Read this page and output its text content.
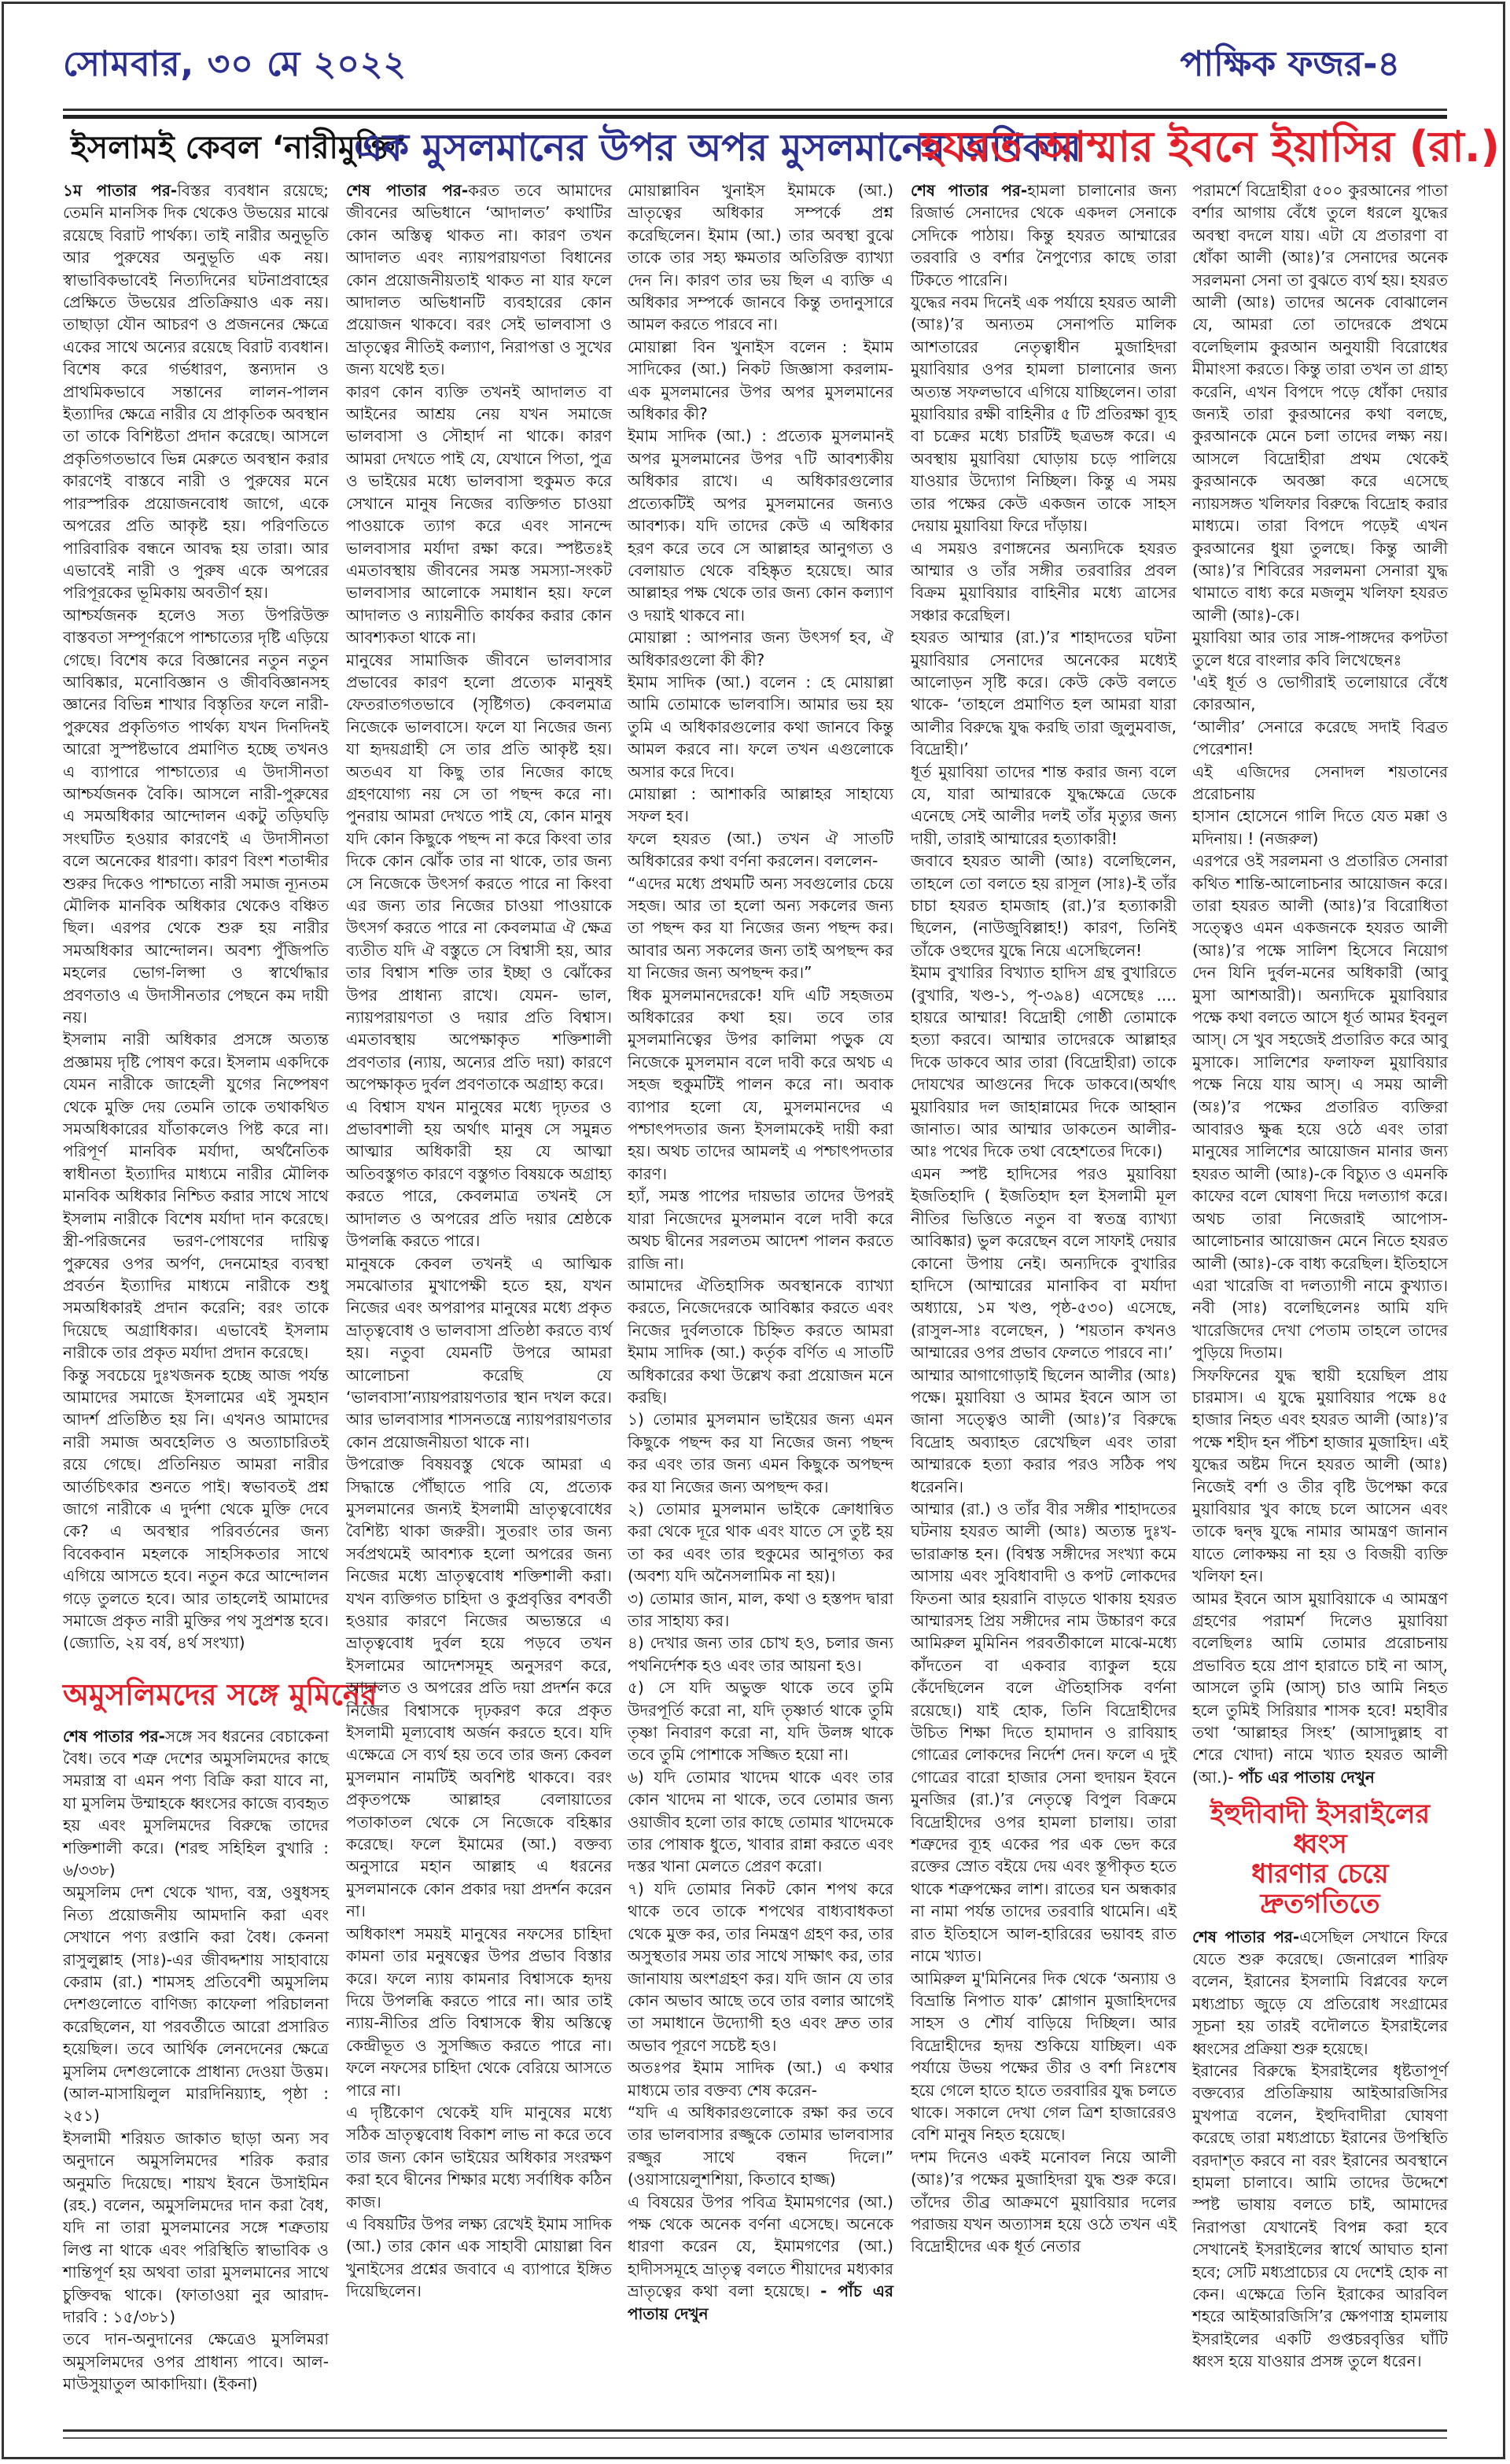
সোমবার, ৩০ মে ২০২২	পাক্ষিক ফজর-৪
ইসলামই কেবল ‘নারীমুক্তি’
এক মুসলমানের উপর অপর মুসলমানের অধিকার
হযরত আম্মার ইবনে ইয়াসির (রা.)

১ম পাতার পর-বিস্তর ব্যবধান রয়েছে; তেমনি মানসিক দিক থেকেও উভয়ের মাঝে রয়েছে বিরাট পার্থক্য। তাই নারীর অনুভূতি আর পুরুষের অনুভূতি এক নয়। স্বাভাবিকভাবেই নিত্যদিনের ঘটনাপ্রবাহের প্রেক্ষিতে উভয়ের প্রতিক্রিয়াও এক নয়। তাছাড়া যৌন আচরণ ও প্রজননের ক্ষেত্রে একের সাথে অন্যের রয়েছে বিরাট ব্যবধান। বিশেষ করে গর্ভধারণ, স্তন্যদান ও প্রাথমিকভাবে সন্তানের লালন-পালন ইত্যাদির ক্ষেত্রে নারীর যে প্রাকৃতিক অবস্থান তা তাকে বিশিষ্টতা প্রদান করেছে। আসলে প্রকৃতিগতভাবে ভিন্ন মেরুতে অবস্থান করার কারণেই বাস্তবে নারী ও পুরুষের মনে পারস্পরিক প্রয়োজনবোধ জাগে, একে অপরের প্রতি আকৃষ্ট হয়। পরিণতিতে পারিবারিক বন্ধনে আবদ্ধ হয় তারা। আর এভাবেই নারী ও পুরুষ একে অপরের পরিপূরকের ভূমিকায় অবতীর্ণ হয়।

আশ্চর্যজনক হলেও সত্য উপরিউক্ত বাস্তবতা সম্পূর্ণরূপে পাশ্চাত্যের দৃষ্টি এড়িয়ে গেছে। বিশেষ করে বিজ্ঞানের নতুন নতুন আবিষ্কার, মনোবিজ্ঞান ও জীববিজ্ঞানসহ জ্ঞানের বিভিন্ন শাখার বিস্তৃতির ফলে নারী-পুরুষের প্রকৃতিগত পার্থক্য যখন দিনদিনই আরো সুস্পষ্টভাবে প্রমাণিত হচ্ছে তখনও এ ব্যাপারে পাশ্চাত্যের এ উদাসীনতা আশ্চর্যজনক বৈকি। আসলে নারী-পুরুষের এ সমঅধিকার আন্দোলন একটু তড়িঘড়ি সংঘটিত হওয়ার কারণেই এ উদাসীনতা বলে অনেকের ধারণা। কারণ বিংশ শতাব্দীর শুরুর দিকেও পাশ্চাত্যে নারী সমাজ ন্যূনতম মৌলিক মানবিক অধিকার থেকেও বঞ্চিত ছিল। এরপর থেকে শুরু হয় নারীর সমঅধিকার আন্দোলন। অবশ্য পুঁজিপতি মহলের ভোগ-লিপ্সা ও স্বার্থোদ্ধার প্রবণতাও এ উদাসীনতার পেছনে কম দায়ী নয়।

ইসলাম নারী অধিকার প্রসঙ্গে অত্যন্ত প্রজ্ঞাময় দৃষ্টি পোষণ করে। ইসলাম একদিকে যেমন নারীকে জাহেলী যুগের নিষ্পেষণ থেকে মুক্তি দেয় তেমনি তাকে তথাকথিত সমঅধিকারের যাঁতাকলেও পিষ্ট করে না। পরিপূর্ণ মানবিক মর্যাদা, অর্থনৈতিক স্বাধীনতা ইত্যাদির মাধ্যমে নারীর মৌলিক মানবিক অধিকার নিশ্চিত করার সাথে সাথে ইসলাম নারীকে বিশেষ মর্যাদা দান করেছে। স্ত্রী-পরিজনের ভরণ-পোষণের দায়িত্ব পুরুষের ওপর অর্পণ, দেনমোহর ব্যবস্থা প্রবর্তন ইত্যাদির মাধ্যমে নারীকে শুধু সমঅধিকারই প্রদান করেনি; বরং তাকে দিয়েছে অগ্রাধিকার। এভাবেই ইসলাম নারীকে তার প্রকৃত মর্যাদা প্রদান করেছে।

কিন্তু সবচেয়ে দুঃখজনক হচ্ছে আজ পর্যন্ত আমাদের সমাজে ইসলামের এই সুমহান আদর্শ প্রতিষ্ঠিত হয় নি। এখনও আমাদের নারী সমাজ অবহেলিত ও অত্যাচারিতই রয়ে গেছে। প্রতিনিয়ত আমরা নারীর আর্তচিৎকার শুনতে পাই। স্বভাবতই প্রশ্ন জাগে নারীকে এ দুর্দশা থেকে মুক্তি দেবে কে? এ অবস্থার পরিবর্তনের জন্য বিবেকবান মহলকে সাহসিকতার সাথে এগিয়ে আসতে হবে। নতুন করে আন্দোলন গড়ে তুলতে হবে। আর তাহলেই আমাদের সমাজে প্রকৃত নারী মুক্তির পথ সুপ্রশস্ত হবে। (জ্যোতি, ২য় বর্ষ, ৪র্থ সংখ্যা)

অমুসলিমদের সঙ্গে মুমিনের

শেষ পাতার পর-সঙ্গে সব ধরনের বেচাকেনা বৈধ। তবে শত্রু দেশের অমুসলিমদের কাছে সমরাস্ত্র বা এমন পণ্য বিক্রি করা যাবে না, যা মুসলিম উম্মাহকে ধ্বংসের কাজে ব্যবহৃত হয় এবং মুসলিমদের বিরুদ্ধে তাদের শক্তিশালী করে। (শরহু সহিহিল বুখারি : ৬/৩৩৮)

অমুসলিম দেশ থেকে খাদ্য, বস্ত্র, ওষুধসহ নিত্য প্রয়োজনীয় আমদানি করা এবং সেখানে পণ্য রপ্তানি করা বৈধ। কেননা রাসুলুল্লাহ (সাঃ)-এর জীবদ্দশায় সাহাবায়ে কেরাম (রা.) শামসহ প্রতিবেশী অমুসলিম দেশগুলোতে বাণিজ্য কাফেলা পরিচালনা করেছিলেন, যা পরবর্তীতে আরো প্রসারিত হয়েছিল। তবে আর্থিক লেনদেনের ক্ষেত্রে মুসলিম দেশগুলোকে প্রাধান্য দেওয়া উত্তম। (আল-মাসায়িলুল মারদিনিয়্যাহ, পৃষ্ঠা : ২৫১)

ইসলামী শরিয়ত জাকাত ছাড়া অন্য সব অনুদানে অমুসলিমদের শরিক করার অনুমতি দিয়েছে। শায়খ ইবনে উসাইমিন (রহ.) বলেন, অমুসলিমদের দান করা বৈধ, যদি না তারা মুসলমানের সঙ্গে শত্রুতায় লিপ্ত না থাকে এবং পরিস্থিতি স্বাভাবিক ও শান্তিপূর্ণ হয় অথবা তারা মুসলমানের সাথে চুক্তিবদ্ধ থাকে। (ফাতাওয়া নুর আরাদ-দারবি : ১৫/৩৮১)

তবে দান-অনুদানের ক্ষেত্রেও মুসলিমরা অমুসলিমদের ওপর প্রাধান্য পাবে। আল-মাউসুয়াতুল আকাদিয়া। (ইকনা)

শেষ পাতার পর-করত তবে আমাদের জীবনের অভিধানে ‘আদালত’ কথাটির কোন অস্তিত্ব থাকত না। কারণ তখন আদালত এবং ন্যায়পরায়ণতা বিধানের কোন প্রয়োজনীয়তাই থাকত না যার ফলে আদালত অভিধানটি ব্যবহারের কোন প্রয়োজন থাকবে। বরং সেই ভালবাসা ও ভ্রাতৃত্বের নীতিই কল্যাণ, নিরাপত্তা ও সুখের জন্য যথেষ্ট হত।

কারণ কোন ব্যক্তি তখনই আদালত বা আইনের আশ্রয় নেয় যখন সমাজে ভালবাসা ও সৌহার্দ না থাকে। কারণ আমরা দেখতে পাই যে, যেখানে পিতা, পুত্র ও ভাইয়ের মধ্যে ভালবাসা হুকুমত করে সেখানে মানুষ নিজের ব্যক্তিগত চাওয়া পাওয়াকে ত্যাগ করে এবং সানন্দে ভালবাসার মর্যাদা রক্ষা করে। স্পষ্টতঃই এমতাবস্থায় জীবনের সমস্ত সমস্যা-সংকট ভালবাসার আলোকে সমাধান হয়। ফলে আদালত ও ন্যায়নীতি কার্যকর করার কোন আবশ্যকতা থাকে না।

মানুষের সামাজিক জীবনে ভালবাসার প্রভাবের কারণ হলো প্রত্যেক মানুষই ফেতরাতগতভাবে (সৃষ্টিগত) কেবলমাত্র নিজেকে ভালবাসে। ফলে যা নিজের জন্য যা হৃদয়গ্রাহী সে তার প্রতি আকৃষ্ট হয়। অতএব যা কিছু তার নিজের কাছে গ্রহণযোগ্য নয় সে তা পছন্দ করে না। পুনরায় আমরা দেখতে পাই যে, কোন মানুষ যদি কোন কিছুকে পছন্দ না করে কিংবা তার দিকে কোন ঝোঁক তার না থাকে, তার জন্য সে নিজেকে উৎসর্গ করতে পারে না কিংবা এর জন্য তার নিজের চাওয়া পাওয়াকে উৎসর্গ করতে পারে না কেবলমাত্র ঐ ক্ষেত্র ব্যতীত যদি ঐ বস্তুতে সে বিশ্বাসী হয়, আর তার বিশ্বাস শক্তি তার ইচ্ছা ও ঝোঁকের উপর প্রাধান্য রাখে। যেমন- ভাল, ন্যায়পরায়ণতা ও দয়ার প্রতি বিশ্বাস। এমতাবস্থায় অপেক্ষাকৃত শক্তিশালী প্রবণতার (ন্যায়, অন্যের প্রতি দয়া) কারণে অপেক্ষাকৃত দুর্বল প্রবণতাকে অগ্রাহ্য করে।

এ বিশ্বাস যখন মানুষের মধ্যে দৃঢ়তর ও প্রভাবশালী হয় অর্থাৎ মানুষ সে সমুন্নত আত্মার অধিকারী হয় যে আত্মা অতিবস্তুগত কারণে বস্তুগত বিষয়কে অগ্রাহ্য করতে পারে, কেবলমাত্র তখনই সে আদালত ও অপরের প্রতি দয়ার শ্রেষ্ঠকে উপলব্ধি করতে পারে।

মানুষকে কেবল তখনই এ আত্মিক সমঝোতার মুখাপেক্ষী হতে হয়, যখন নিজের এবং অপরাপর মানুষের মধ্যে প্রকৃত ভ্রাতৃত্ববোধ ও ভালবাসা প্রতিষ্ঠা করতে ব্যর্থ হয়। নতুবা যেমনটি উপরে আমরা আলোচনা করেছি যে ‘ভালবাসা’ন্যায়পরায়ণতার স্থান দখল করে। আর ভালবাসার শাসনতন্ত্রে ন্যায়পরায়ণতার কোন প্রয়োজনীয়তা থাকে না।

উপরোক্ত বিষয়বস্তু থেকে আমরা এ সিদ্ধান্তে পৌঁছাতে পারি যে, প্রত্যেক মুসলমানের জন্যই ইসলামী ভ্রাতৃত্ববোধের বৈশিষ্ট্য থাকা জরুরী। সুতরাং তার জন্য সর্বপ্রথমেই আবশ্যক হলো অপরের জন্য নিজের মধ্যে ভ্রাতৃত্ববোধ শক্তিশালী করা। যখন ব্যক্তিগত চাহিদা ও কুপ্রবৃত্তির বশবর্তী হওয়ার কারণে নিজের অভ্যন্তরে এ ভ্রাতৃত্ববোধ দুর্বল হয়ে পড়বে তখন ইসলামের আদেশসমূহ অনুসরণ করে, আদালত ও অপরের প্রতি দয়া প্রদর্শন করে নিজের বিশ্বাসকে দৃঢ়করণ করে প্রকৃত ইসলামী মূল্যবোধ অর্জন করতে হবে। যদি এক্ষেত্রে সে ব্যর্থ হয় তবে তার জন্য কেবল মুসলমান নামটিই অবশিষ্ট থাকবে। বরং প্রকৃতপক্ষে আল্লাহর বেলায়াতের পতাকাতল থেকে সে নিজেকে বহিষ্কার করেছে। ফলে ইমামের (আ.) বক্তব্য অনুসারে মহান আল্লাহ এ ধরনের মুসলমানকে কোন প্রকার দয়া প্রদর্শন করেন না।

অধিকাংশ সময়ই মানুষের নফসের চাহিদা কামনা তার মনুষত্বের উপর প্রভাব বিস্তার করে। ফলে ন্যায় কামনার বিশ্বাসকে হৃদয় দিয়ে উপলব্ধি করতে পারে না। আর তাই ন্যায়-নীতির প্রতি বিশ্বাসকে স্বীয় অস্তিত্বে কেন্দ্রীভূত ও সুসজ্জিত করতে পারে না। ফলে নফসের চাহিদা থেকে বেরিয়ে আসতে পারে না।

এ দৃষ্টিকোণ থেকেই যদি মানুষের মধ্যে সঠিক ভ্রাতৃত্ববোধ বিকাশ লাভ না করে তবে তার জন্য কোন ভাইয়ের অধিকার সংরক্ষণ করা হবে দ্বীনের শিক্ষার মধ্যে সর্বাধিক কঠিন কাজ।

এ বিষয়টির উপর লক্ষ্য রেখেই ইমাম সাদিক (আ.) তার কোন এক সাহাবী মোয়াল্লা বিন খুনাইসের প্রশ্নের জবাবে এ ব্যাপারে ইঙ্গিত দিয়েছিলেন।

মোয়াল্লাবিন খুনাইস ইমামকে (আ.) ভ্রাতৃত্বের অধিকার সম্পর্কে প্রশ্ন করেছিলেন। ইমাম (আ.) তার অবস্থা বুঝে তাকে তার সহ্য ক্ষমতার অতিরিক্ত ব্যাখ্যা দেন নি। কারণ তার ভয় ছিল এ ব্যক্তি এ অধিকার সম্পর্কে জানবে কিন্তু তদানুসারে আমল করতে পারবে না।

মোয়াল্লা বিন খুনাইস বলেন : ইমাম সাদিকের (আ.) নিকট জিজ্ঞাসা করলাম- এক মুসলমানের উপর অপর মুসলমানের অধিকার কী?

ইমাম সাদিক (আ.) : প্রত্যেক মুসলমানই অপর মুসলমানের উপর ৭টি আবশ্যকীয় অধিকার রাখে। এ অধিকারগুলোর প্রত্যেকটিই অপর মুসলমানের জন্যও আবশ্যক। যদি তাদের কেউ এ অধিকার হরণ করে তবে সে আল্লাহর আনুগত্য ও বেলায়াত থেকে বহিষ্কৃত হয়েছে। আর আল্লাহর পক্ষ থেকে তার জন্য কোন কল্যাণ ও দয়াই থাকবে না।

মোয়াল্লা : আপনার জন্য উৎসর্গ হব, ঐ অধিকারগুলো কী কী?

ইমাম সাদিক (আ.) বলেন : হে মোয়াল্লা আমি তোমাকে ভালবাসি। আমার ভয় হয় তুমি এ অধিকারগুলোর কথা জানবে কিন্তু আমল করবে না। ফলে তখন এগুলোকে অসার করে দিবে।

মোয়াল্লা : আশাকরি আল্লাহর সাহায্যে সফল হব।

ফলে হযরত (আ.) তখন ঐ সাতটি অধিকারের কথা বর্ণনা করলেন। বললেন-

“এদের মধ্যে প্রথমটি অন্য সবগুলোর চেয়ে সহজ। আর তা হলো অন্য সকলের জন্য তা পছন্দ কর যা নিজের জন্য পছন্দ কর। আবার অন্য সকলের জন্য তাই অপছন্দ কর যা নিজের জন্য অপছন্দ কর।”

ধিক মুসলমানদেরকে! যদি এটি সহজতম অধিকারের কথা হয়। তবে তার মুসলমানিত্বের উপর কালিমা পড়ুক যে নিজেকে মুসলমান বলে দাবী করে অথচ এ সহজ হুকুমটিই পালন করে না। অবাক ব্যাপার হলো যে, মুসলমানদের এ পশ্চাৎপদতার জন্য ইসলামকেই দায়ী করা হয়। অথচ তাদের আমলই এ পশ্চাৎপদতার কারণ।

হ্যাঁ, সমস্ত পাপের দায়ভার তাদের উপরই যারা নিজেদের মুসলমান বলে দাবী করে অথচ দ্বীনের সরলতম আদেশ পালন করতে রাজি না।

আমাদের ঐতিহাসিক অবস্থানকে ব্যাখ্যা করতে, নিজেদেরকে আবিষ্কার করতে এবং নিজের দুর্বলতাকে চিহ্নিত করতে আমরা ইমাম সাদিক (আ.) কর্তৃক বর্ণিত এ সাতটি অধিকারের কথা উল্লেখ করা প্রয়োজন মনে করছি।

১) তোমার মুসলমান ভাইয়ের জন্য এমন কিছুকে পছন্দ কর যা নিজের জন্য পছন্দ কর এবং তার জন্য এমন কিছুকে অপছন্দ কর যা নিজের জন্য অপছন্দ কর।

২) তোমার মুসলমান ভাইকে ক্রোধান্বিত করা থেকে দূরে থাক এবং যাতে সে তুষ্ট হয় তা কর এবং তার হুকুমের আনুগত্য কর (অবশ্য যদি অনৈসলামিক না হয়)।

৩) তোমার জান, মাল, কথা ও হস্তপদ দ্বারা তার সাহায্য কর।

৪) দেখার জন্য তার চোখ হও, চলার জন্য পথনির্দেশক হও এবং তার আয়না হও।

৫) সে যদি অভুক্ত থাকে তবে তুমি উদরপূর্তি করো না, যদি তৃষ্ণার্ত থাকে তুমি তৃষ্ণা নিবারণ করো না, যদি উলঙ্গ থাকে তবে তুমি পোশাকে সজ্জিত হয়ো না।

৬) যদি তোমার খাদেম থাকে এবং তার কোন খাদেম না থাকে, তবে তোমার জন্য ওয়াজীব হলো তার কাছে তোমার খাদেমকে তার পোষাক ধুতে, খাবার রান্না করতে এবং দস্তর খানা মেলতে প্রেরণ করো।

৭) যদি তোমার নিকট কোন শপথ করে থাকে তবে তাকে শপথের বাধ্যবাধকতা থেকে মুক্ত কর, তার নিমন্ত্রণ গ্রহণ কর, তার অসুস্থতার সময় তার সাথে সাক্ষাৎ কর, তার জানাযায় অংশগ্রহণ কর। যদি জান যে তার কোন অভাব আছে তবে তার বলার আগেই তা সমাধানে উদ্যোগী হও এবং দ্রুত তার অভাব পূরণে সচেষ্ট হও।

অতঃপর ইমাম সাদিক (আ.) এ কথার মাধ্যমে তার বক্তব্য শেষ করেন-

“যদি এ অধিকারগুলোকে রক্ষা কর তবে তার ভালবাসার রজ্জুকে তোমার ভালবাসার রজ্জুর সাথে বন্ধন দিলে।” (ওয়াসায়েলুশশিয়া, কিতাবে হাজ্জ)

এ বিষয়ের উপর পবিত্র ইমামগণের (আ.) পক্ষ থেকে অনেক বর্ণনা এসেছে। অনেকে ধারণা করেন যে, ইমামগণের (আ.) হাদীসসমূহে ভ্রাতৃত্ব বলতে শীয়াদের মধ্যকার ভ্রাতৃত্বের কথা বলা হয়েছে। - পাঁচ এর পাতায় দেখুন

শেষ পাতার পর-হামলা চালানোর জন্য রিজার্ভ সেনাদের থেকে একদল সেনাকে সেদিকে পাঠায়। কিন্তু হযরত আম্মারের তরবারি ও বর্শার নৈপুণ্যের কাছে তারা টিকতে পারেনি।

যুদ্ধের নবম দিনেই এক পর্যায়ে হযরত আলী (আঃ)’র অন্যতম সেনাপতি মালিক আশতারের নেতৃত্বাধীন মুজাহিদরা মুয়াবিয়ার ওপর হামলা চালানোর জন্য অত্যন্ত সফলভাবে এগিয়ে যাচ্ছিলেন। তারা মুয়াবিয়ার রক্ষী বাহিনীর ৫ টি প্রতিরক্ষা ব্যূহ বা চক্রের মধ্যে চারটিই ছত্রভঙ্গ করে। এ অবস্থায় মুয়াবিয়া ঘোড়ায় চড়ে পালিয়ে যাওয়ার উদ্যোগ নিচ্ছিল। কিন্তু এ সময় তার পক্ষের কেউ একজন তাকে সাহস দেয়ায় মুয়াবিয়া ফিরে দাঁড়ায়।

এ সময়ও রণাঙ্গনের অন্যদিকে হযরত আম্মার ও তাঁর সঙ্গীর তরবারির প্রবল বিক্রম মুয়াবিয়ার বাহিনীর মধ্যে ত্রাসের সঞ্চার করেছিল।

হযরত আম্মার (রা.)’র শাহাদতের ঘটনা মুয়াবিয়ার সেনাদের অনেকের মধ্যেই আলোড়ন সৃষ্টি করে। কেউ কেউ বলতে থাকে- ‘তাহলে প্রমাণিত হল আমরা যারা আলীর বিরুদ্ধে যুদ্ধ করছি তারা জুলুমবাজ, বিদ্রোহী।’

ধূর্ত মুয়াবিয়া তাদের শান্ত করার জন্য বলে যে, যারা আম্মারকে যুদ্ধক্ষেত্রে ডেকে এনেছে সেই আলীর দলই তাঁর মৃত্যুর জন্য দায়ী, তারাই আম্মারের হত্যাকারী!

জবাবে হযরত আলী (আঃ) বলেছিলেন, তাহলে তো বলতে হয় রাসূল (সাঃ)-ই তাঁর চাচা হযরত হামজাহ (রা.)’র হত্যাকারী ছিলেন, (নাউজুবিল্লাহ!) কারণ, তিনিই তাঁকে ওহুদের যুদ্ধে নিয়ে এসেছিলেন!

ইমাম বুখারির বিখ্যাত হাদিস গ্রন্থ বুখারিতে (বুখারি, খণ্ড-১, পৃ-৩৯৪) এসেছেঃ .... হায়রে আম্মার! বিদ্রোহী গোষ্ঠী তোমাকে হত্যা করবে। আম্মার তাদেরকে আল্লাহর দিকে ডাকবে আর তারা (বিদ্রোহীরা) তাকে দোযখের আগুনের দিকে ডাকবে।(অর্থাৎ মুয়াবিয়ার দল জাহান্নামের দিকে আহ্বান জানাত। আর আম্মার ডাকতেন আলীর-আঃ পথের দিকে তথা বেহেশতের দিকে।)

এমন স্পষ্ট হাদিসের পরও মুয়াবিয়া ইজতিহাদি ( ইজতিহাদ হল ইসলামী মূল নীতির ভিত্তিতে নতুন বা স্বতন্ত্র ব্যাখ্যা আবিষ্কার) ভুল করেছেন বলে সাফাই দেয়ার কোনো উপায় নেই। অন্যদিকে বুখারির হাদিসে (আম্মারের মানাকিব বা মর্যাদা অধ্যায়ে, ১ম খণ্ড, পৃষ্ঠ-৫৩০) এসেছে, (রাসুল-সাঃ বলেছেন, ) ‘শয়তান কখনও আম্মারের ওপর প্রভাব ফেলতে পারবে না।’

আম্মার আগাগোড়াই ছিলেন আলীর (আঃ) পক্ষে। মুয়াবিয়া ও আমর ইবনে আস তা জানা সত্ত্বেও আলী (আঃ)’র বিরুদ্ধে বিদ্রোহ অব্যাহত রেখেছিল এবং তারা আম্মারকে হত্যা করার পরও সঠিক পথ ধরেননি।

আম্মার (রা.) ও তাঁর বীর সঙ্গীর শাহাদতের ঘটনায় হযরত আলী (আঃ) অত্যন্ত দুঃখ-ভারাক্রান্ত হন। (বিশ্বস্ত সঙ্গীদের সংখ্যা কমে আসায় এবং সুবিধাবাদী ও কপট লোকদের ফিতনা আর হয়রানি বাড়তে থাকায় হযরত আম্মারসহ প্রিয় সঙ্গীদের নাম উচ্চারণ করে আমিরুল মুমিনিন পরবর্তীকালে মাঝে-মধ্যে কাঁদতেন বা একবার ব্যাকুল হয়ে কেঁদেছিলেন বলে ঐতিহাসিক বর্ণনা রয়েছে।) যাই হোক, তিনি বিদ্রোহীদের উচিত শিক্ষা দিতে হামাদান ও রাবিয়াহ গোত্রের লোকদের নির্দেশ দেন। ফলে এ দুই গোত্রের বারো হাজার সেনা হুদায়ন ইবনে মুনজির (রা.)’র নেতৃত্বে বিপুল বিক্রমে বিদ্রোহীদের ওপর হামলা চালায়। তারা শত্রুদের ব্যূহ একের পর এক ভেদ করে রক্তের স্রোত বইয়ে দেয় এবং স্তূপীকৃত হতে থাকে শত্রুপক্ষের লাশ। রাতের ঘন অন্ধকার না নামা পর্যন্ত তাদের তরবারি থামেনি। এই রাত ইতিহাসে আল-হারিরের ভয়াবহ রাত নামে খ্যাত।

আমিরুল মু'মিনিনের দিক থেকে ‘অন্যায় ও বিভ্রান্তি নিপাত যাক’ শ্লোগান মুজাহিদদের সাহস ও শৌর্য বাড়িয়ে দিচ্ছিল। আর বিদ্রোহীদের হৃদয় শুকিয়ে যাচ্ছিল। এক পর্যায়ে উভয় পক্ষের তীর ও বর্শা নিঃশেষ হয়ে গেলে হাতে হাতে তরবারির যুদ্ধ চলতে থাকে। সকালে দেখা গেল ত্রিশ হাজারেরও বেশি মানুষ নিহত হয়েছে।

দশম দিনেও একই মনোবল নিয়ে আলী (আঃ)’র পক্ষের মুজাহিদরা যুদ্ধ শুরু করে। তাঁদের তীব্র আক্রমণে মুয়াবিয়ার দলের পরাজয় যখন অত্যাসন্ন হয়ে ওঠে তখন এই বিদ্রোহীদের এক ধূর্ত নেতার

পরামর্শে বিদ্রোহীরা ৫০০ কুরআনের পাতা বর্শার আগায় বেঁধে তুলে ধরলে যুদ্ধের অবস্থা বদলে যায়। এটা যে প্রতারণা বা ধোঁকা আলী (আঃ)’র সেনাদের অনেক সরলমনা সেনা তা বুঝতে ব্যর্থ হয়। হযরত আলী (আঃ) তাদের অনেক বোঝালেন যে, আমরা তো তাদেরকে প্রথমে বলেছিলাম কুরআন অনুযায়ী বিরোধের মীমাংসা করতে। কিন্তু তারা তখন তা গ্রাহ্য করেনি, এখন বিপদে পড়ে ধোঁকা দেয়ার জন্যই তারা কুরআনের কথা বলছে, কুরআনকে মেনে চলা তাদের লক্ষ্য নয়। আসলে বিদ্রোহীরা প্রথম থেকেই কুরআনকে অবজ্ঞা করে এসেছে ন্যায়সঙ্গত খলিফার বিরুদ্ধে বিদ্রোহ করার মাধ্যমে। তারা বিপদে পড়েই এখন কুরআনের ধুয়া তুলছে। কিন্তু আলী (আঃ)’র শিবিরের সরলমনা সেনারা যুদ্ধ থামাতে বাধ্য করে মজলুম খলিফা হযরত আলী (আঃ)-কে।

মুয়াবিয়া আর তার সাঙ্গ-পাঙ্গদের কপটতা তুলে ধরে বাংলার কবি লিখেছেনঃ

'এই ধূর্ত ও ভোগীরাই তলোয়ারে বেঁধে কোরআন,

‘আলীর’ সেনারে করেছে সদাই বিব্রত পেরেশান!

এই এজিদের সেনাদল শয়তানের প্ররোচনায়

হাসান হোসেনে গালি দিতে যেত মক্কা ও মদিনায়। ! (নজরুল)

এরপরে ওই সরলমনা ও প্রতারিত সেনারা কথিত শান্তি-আলোচনার আয়োজন করে। তারা হযরত আলী (আঃ)’র বিরোধিতা সত্ত্বেও এমন একজনকে হযরত আলী (আঃ)’র পক্ষে সালিশ হিসেবে নিয়োগ দেন যিনি দুর্বল-মনের অধিকারী (আবু মুসা আশআরী)। অন্যদিকে মুয়াবিয়ার পক্ষে কথা বলতে আসে ধূর্ত আমর ইবনুল আস্। সে খুব সহজেই প্রতারিত করে আবু মুসাকে। সালিশের ফলাফল মুয়াবিয়ার পক্ষে নিয়ে যায় আস্। এ সময় আলী (অঃ)’র পক্ষের প্রতারিত ব্যক্তিরা আবারও ক্ষুব্ধ হয়ে ওঠে এবং তারা মানুষের সালিশের আয়োজন মানার জন্য হযরত আলী (আঃ)-কে বিচ্যুত ও এমনকি কাফের বলে ঘোষণা দিয়ে দলত্যাগ করে। অথচ তারা নিজেরাই আপোস-আলোচনার আয়োজন মেনে নিতে হযরত আলী (আঃ)-কে বাধ্য করেছিল। ইতিহাসে এরা খারেজি বা দলত্যাগী নামে কুখ্যাত। নবী (সাঃ) বলেছিলেনঃ আমি যদি খারেজিদের দেখা পেতাম তাহলে তাদের পুড়িয়ে দিতাম।

সিফফিনের যুদ্ধ স্থায়ী হয়েছিল প্রায় চারমাস। এ যুদ্ধে মুয়াবিয়ার পক্ষে ৪৫ হাজার নিহত এবং হযরত আলী (আঃ)’র পক্ষে শহীদ হন পঁচিশ হাজার মুজাহিদ। এই যুদ্ধের অষ্টম দিনে হযরত আলী (আঃ) নিজেই বর্শা ও তীর বৃষ্টি উপেক্ষা করে মুয়াবিয়ার খুব কাছে চলে আসেন এবং তাকে দ্বন্দ্ব যুদ্ধে নামার আমন্ত্রণ জানান যাতে লোকক্ষয় না হয় ও বিজয়ী ব্যক্তি খলিফা হন।

আমর ইবনে আস মুয়াবিয়াকে এ আমন্ত্রণ গ্রহণের পরামর্শ দিলেও মুয়াবিয়া বলেছিলঃ আমি তোমার প্ররোচনায় প্রভাবিত হয়ে প্রাণ হারাতে চাই না আস্, আসলে তুমি (আস্) চাও আমি নিহত হলে তুমিই সিরিয়ার শাসক হবে! মহাবীর তথা ‘আল্লাহর সিংহ’ (আসাদুল্লাহ বা শেরে খোদা) নামে খ্যাত হযরত আলী (আ.)- পাঁচ এর পাতায় দেখুন

ইহুদীবাদী ইসরাইলের ধ্বংস
ধারণার চেয়ে দ্রুতগতিতে

শেষ পাতার পর-এসেছিল সেখানে ফিরে যেতে শুরু করেছে। জেনারেল শারিফ বলেন, ইরানের ইসলামি বিপ্লবের ফলে মধ্যপ্রাচ্য জুড়ে যে প্রতিরোধ সংগ্রামের সূচনা হয় তারই বদৌলতে ইসরাইলের ধ্বংসের প্রক্রিয়া শুরু হয়েছে।

ইরানের বিরুদ্ধে ইসরাইলের ধৃষ্টতাপূর্ণ বক্তব্যের প্রতিক্রিয়ায় আইআরজিসির মুখপাত্র বলেন, ইহুদিবাদীরা ঘোষণা করেছে তারা মধ্যপ্রাচ্যে ইরানের উপস্থিতি বরদাশ্‌ত করবে না বরং ইরানের অবস্থানে হামলা চালাবে। আমি তাদের উদ্দেশে স্পষ্ট ভাষায় বলতে চাই, আমাদের নিরাপত্তা যেখানেই বিপন্ন করা হবে সেখানেই ইসরাইলের স্বার্থে আঘাত হানা হবে; সেটি মধ্যপ্রাচ্যের যে দেশেই হোক না কেন। এক্ষেত্রে তিনি ইরাকের আরবিল শহরে আইআরজিসি’র ক্ষেপণাস্ত্র হামলায় ইসরাইলের একটি গুপ্তচরবৃত্তির ঘাঁটি ধ্বংস হয়ে যাওয়ার প্রসঙ্গ তুলে ধরেন।
